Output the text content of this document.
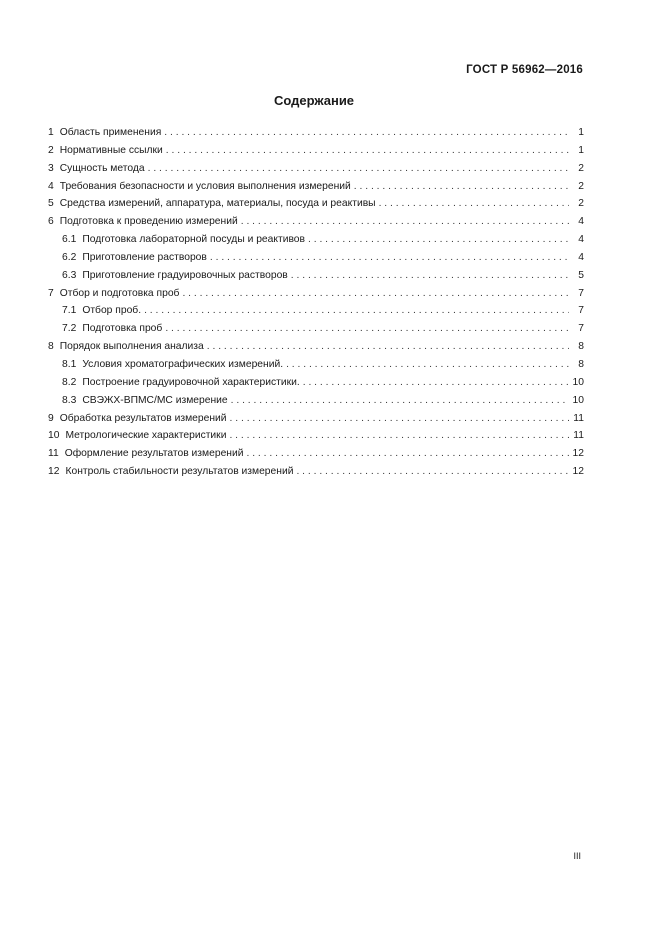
ГОСТ Р 56962—2016
Содержание
1 Область применения . . .	1
2 Нормативные ссылки . . .	1
3 Сущность метода . . .	2
4 Требования безопасности и условия выполнения измерений . . .	2
5 Средства измерений, аппаратура, материалы, посуда и реактивы . . .	2
6 Подготовка к проведению измерений . . .	4
6.1 Подготовка лабораторной посуды и реактивов . . .	4
6.2 Приготовление растворов . . .	4
6.3 Приготовление градуировочных растворов . . .	5
7 Отбор и подготовка проб . . .	7
7.1 Отбор проб. . . .	7
7.2 Подготовка проб . . .	7
8 Порядок выполнения анализа . . .	8
8.1 Условия хроматографических измерений. . . .	8
8.2 Построение градуировочной характеристики. . . .	10
8.3 СВЭЖХ-ВПМС/МС измерение . . .	10
9 Обработка результатов измерений . . .	11
10 Метрологические характеристики . . .	11
11 Оформление результатов измерений . . .	12
12 Контроль стабильности результатов измерений . . .	12
III
